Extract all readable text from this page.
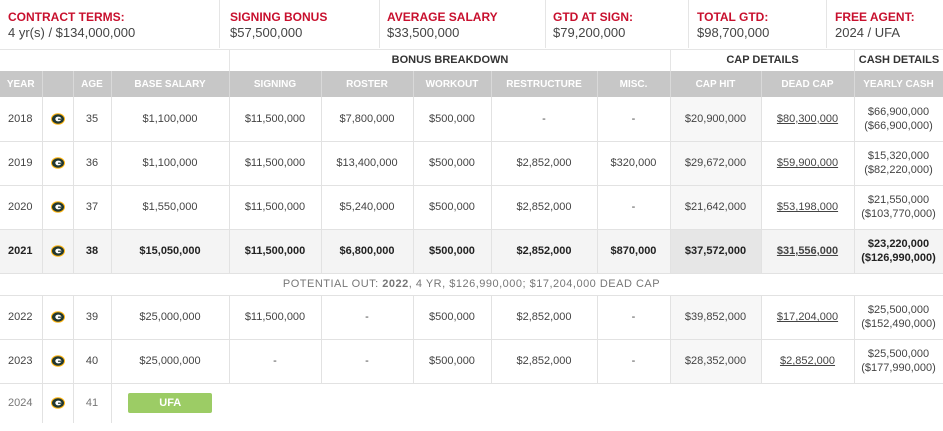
CONTRACT TERMS:
4 yr(s) / $134,000,000
SIGNING BONUS
$57,500,000
AVERAGE SALARY
$33,500,000
GTD AT SIGN:
$79,200,000
TOTAL GTD:
$98,700,000
FREE AGENT:
2024 / UFA
BONUS BREAKDOWN	CAP DETAILS	CASH DETAILS
YEAR		AGE	BASE SALARY	SIGNING	ROSTER	WORKOUT	RESTRUCTURE	MISC.	CAP HIT	DEAD CAP	YEARLY CASH
2018		35	$1,100,000	$11,500,000	$7,800,000	$500,000	-	-	$20,900,000	$80,300,000	$66,900,000
($66,900,000)

2019		36	$1,100,000	$11,500,000	$13,400,000	$500,000	$2,852,000	$320,000	$29,672,000	$59,900,000	$15,320,000
($82,220,000)

2020		37	$1,550,000	$11,500,000	$5,240,000	$500,000	$2,852,000	-	$21,642,000	$53,198,000	$21,550,000
($103,770,000)

2021		38	$15,050,000	$11,500,000	$6,800,000	$500,000	$2,852,000	$870,000	$37,572,000	$31,556,000	$23,220,000
($126,990,000)

POTENTIAL OUT: 2022, 4 YR, $126,990,000; $17,204,000 DEAD CAP											
2022		39	$25,000,000	$11,500,000	-	$500,000	$2,852,000	-	$39,852,000	$17,204,000	$25,500,000
($152,490,000)

2023		40	$25,000,000	-	-	$500,000	$2,852,000	-	$28,352,000	$2,852,000	$25,500,000
($177,990,000)

2024		41	UFA								
